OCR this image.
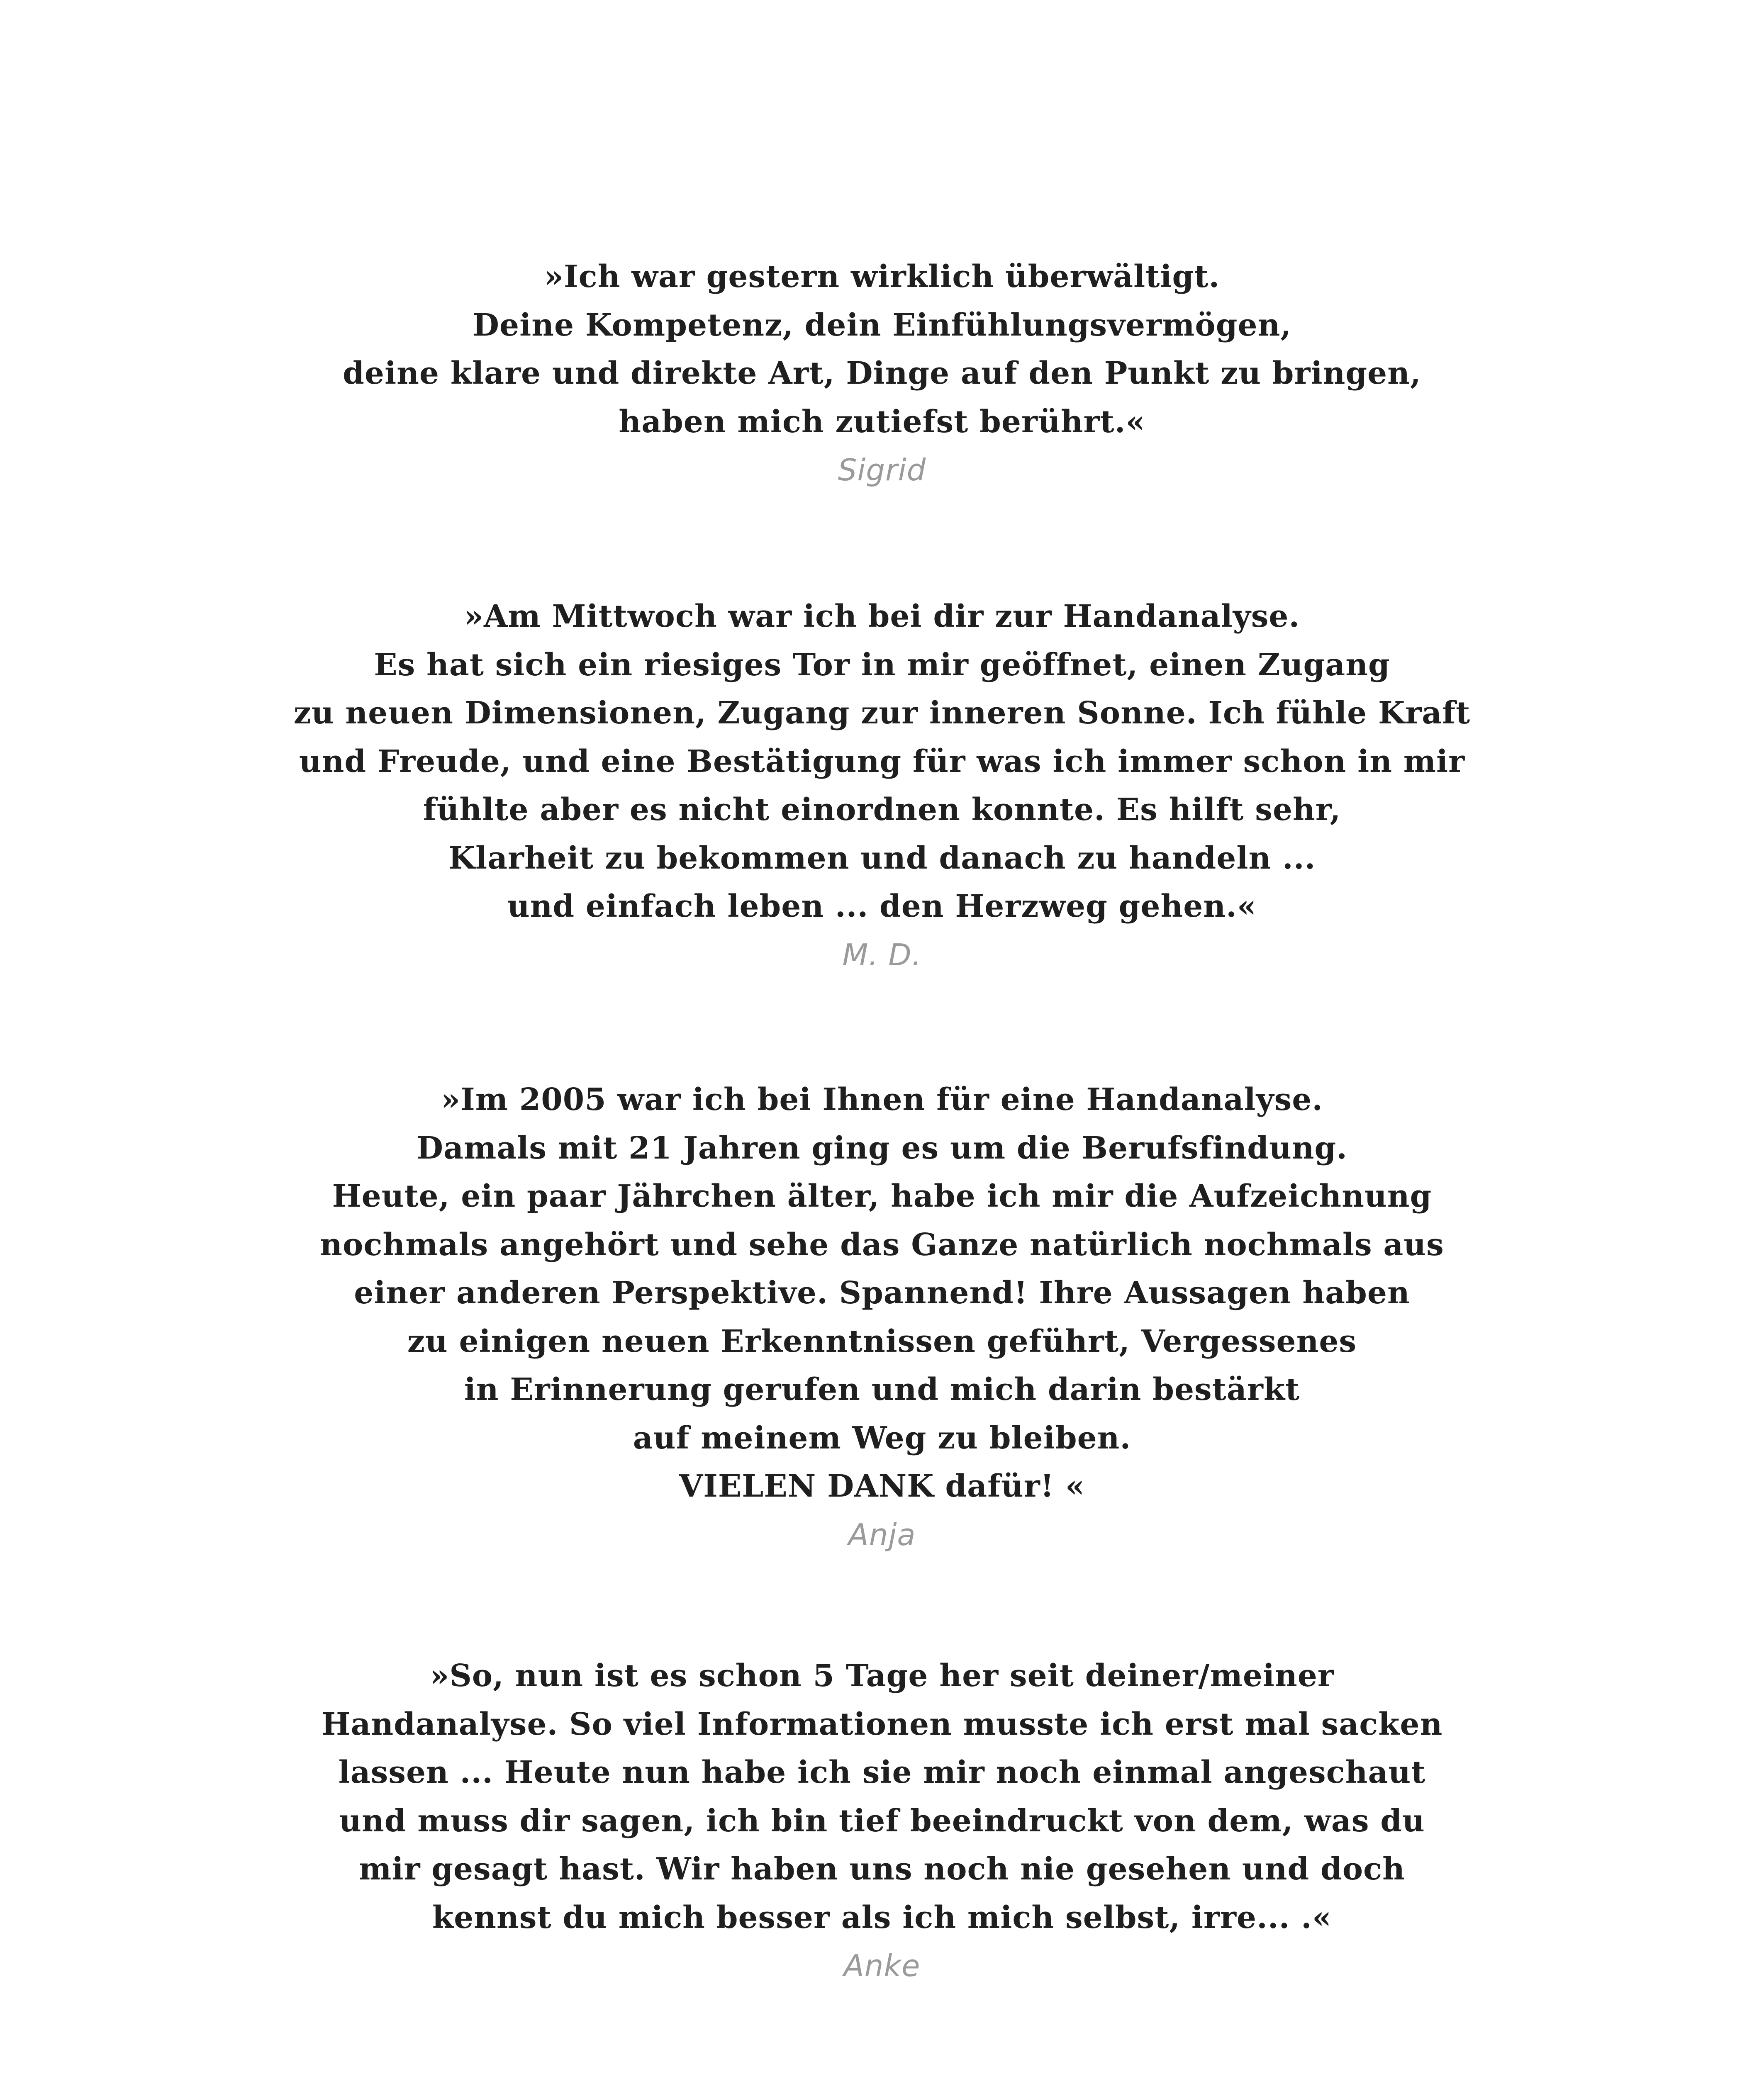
»Ich war gestern wirklich überwältigt.
Deine Kompetenz, dein Einfühlungsvermögen,
deine klare und direkte Art, Dinge auf den Punkt zu bringen,
haben mich zutiefst berührt.«
Sigrid
»Am Mittwoch war ich bei dir zur Handanalyse.
Es hat sich ein riesiges Tor in mir geöffnet, einen Zugang
zu neuen Dimensionen, Zugang zur inneren Sonne. Ich fühle Kraft
und Freude, und eine Bestätigung für was ich immer schon in mir
fühlte aber es nicht einordnen konnte. Es hilft sehr,
Klarheit zu bekommen und danach zu handeln ...
und einfach leben ... den Herzweg gehen.«
M. D.
»Im 2005 war ich bei Ihnen für eine Handanalyse.
Damals mit 21 Jahren ging es um die Berufsfindung.
Heute, ein paar Jährchen älter, habe ich mir die Aufzeichnung
nochmals angehört und sehe das Ganze natürlich nochmals aus
einer anderen Perspektive. Spannend! Ihre Aussagen haben
zu einigen neuen Erkenntnissen geführt, Vergessenes
in Erinnerung gerufen und mich darin bestärkt
auf meinem Weg zu bleiben.
VIELEN DANK dafür! «
Anja
»So, nun ist es schon 5 Tage her seit deiner/meiner
Handanalyse. So viel Informationen musste ich erst mal sacken
lassen ... Heute nun habe ich sie mir noch einmal angeschaut
und muss dir sagen, ich bin tief beeindruckt von dem, was du
mir gesagt hast. Wir haben uns noch nie gesehen und doch
kennst du mich besser als ich mich selbst, irre... .«
Anke
